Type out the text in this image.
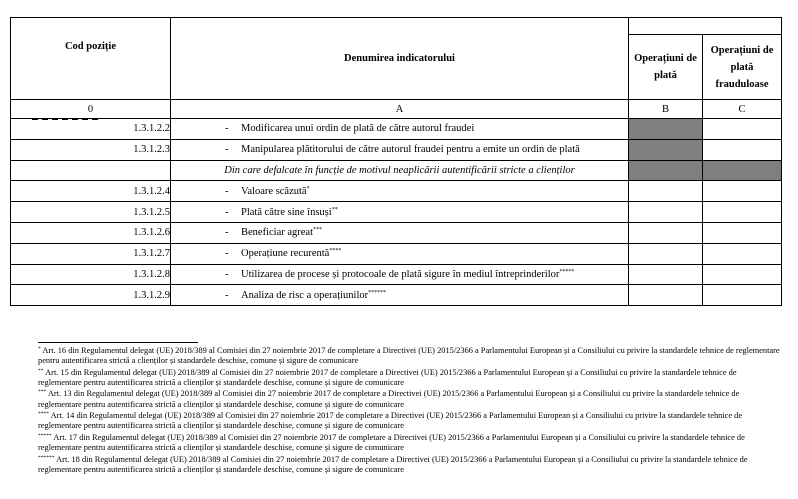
Cod poziție	Denumirea indicatorului		
		Operațiuni de plată	Operațiuni de plată frauduloase
0	A	B	C
1.3.1.2.2	- Modificarea unui ordin de plată de către autorul fraudei		
1.3.1.2.3	- Manipularea plătitorului de către autorul fraudei pentru a emite un ordin de plată		
	Din care defalcate în funcție de motivul neaplicării autentificării stricte a clienților		
1.3.1.2.4	- Valoare scăzută*		
1.3.1.2.5	- Plată către sine însuși**		
1.3.1.2.6	- Beneficiar agreat***		
1.3.1.2.7	- Operațiune recurentă****		
1.3.1.2.8	- Utilizarea de procese și protocoale de plată sigure în mediul întreprinderilor*****		
1.3.1.2.9	- Analiza de risc a operațiunilor******		

* Art. 16 din Regulamentul delegat (UE) 2018/389 al Comisiei din 27 noiembrie 2017 de completare a Directivei (UE) 2015/2366 a Parlamentului European și a Consiliului cu privire la standardele tehnice de reglementare pentru autentificarea strictă a clienților și standardele deschise, comune și sigure de comunicare

** Art. 15 din Regulamentul delegat (UE) 2018/389 al Comisiei din 27 noiembrie 2017 de completare a Directivei (UE) 2015/2366 a Parlamentului European și a Consiliului cu privire la standardele tehnice de reglementare pentru autentificarea strictă a clienților și standardele deschise, comune și sigure de comunicare

*** Art. 13 din Regulamentul delegat (UE) 2018/389 al Comisiei din 27 noiembrie 2017 de completare a Directivei (UE) 2015/2366 a Parlamentului European și a Consiliului cu privire la standardele tehnice de reglementare pentru autentificarea strictă a clienților și standardele deschise, comune și sigure de comunicare

**** Art. 14 din Regulamentul delegat (UE) 2018/389 al Comisiei din 27 noiembrie 2017 de completare a Directivei (UE) 2015/2366 a Parlamentului European și a Consiliului cu privire la standardele tehnice de reglementare pentru autentificarea strictă a clienților și standardele deschise, comune și sigure de comunicare

***** Art. 17 din Regulamentul delegat (UE) 2018/389 al Comisiei din 27 noiembrie 2017 de completare a Directivei (UE) 2015/2366 a Parlamentului European și a Consiliului cu privire la standardele tehnice de reglementare pentru autentificarea strictă a clienților și standardele deschise, comune și sigure de comunicare

****** Art. 18 din Regulamentul delegat (UE) 2018/389 al Comisiei din 27 noiembrie 2017 de completare a Directivei (UE) 2015/2366 a Parlamentului European și a Consiliului cu privire la standardele tehnice de reglementare pentru autentificarea strictă a clienților și standardele deschise, comune și sigure de comunicare
